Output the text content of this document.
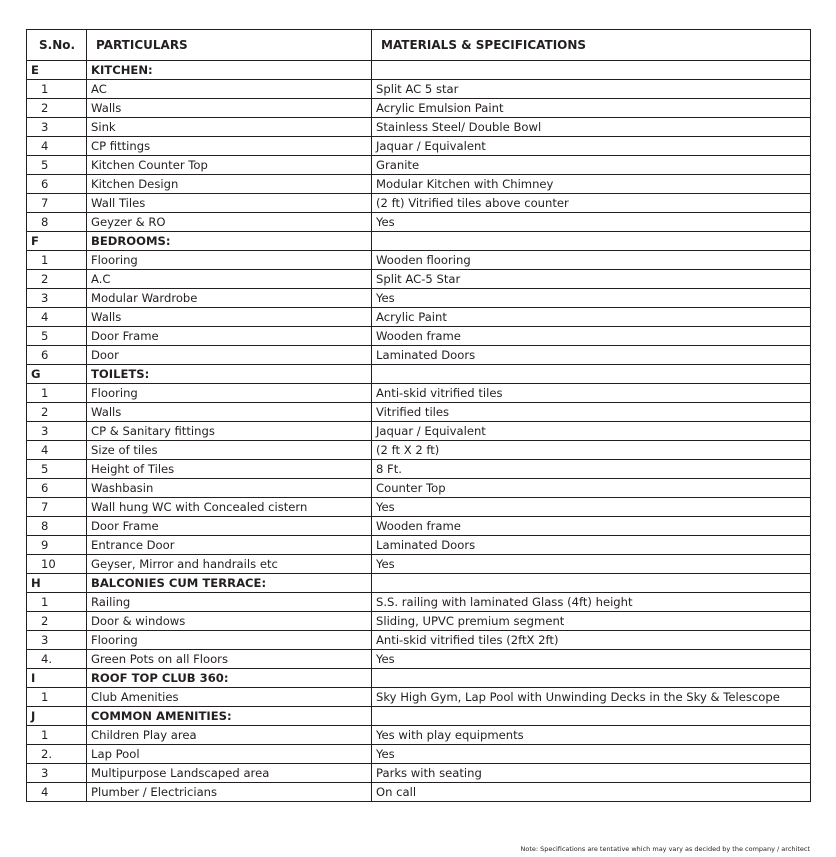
S.No.	PARTICULARS	MATERIALS & SPECIFICATIONS
E	KITCHEN:	
1	AC	Split AC 5 star
2	Walls	Acrylic Emulsion Paint
3	Sink	Stainless Steel/ Double Bowl
4	CP fittings	Jaquar / Equivalent
5	Kitchen Counter Top	Granite
6	Kitchen Design	Modular Kitchen with Chimney
7	Wall Tiles	(2 ft) Vitrified tiles above counter
8	Geyzer & RO	Yes
F	BEDROOMS:	
1	Flooring	Wooden flooring
2	A.C	Split AC-5 Star
3	Modular Wardrobe	Yes
4	Walls	Acrylic Paint
5	Door Frame	Wooden frame
6	Door	Laminated Doors
G	TOILETS:	
1	Flooring	Anti-skid vitrified tiles
2	Walls	Vitrified tiles
3	CP & Sanitary fittings	Jaquar / Equivalent
4	Size of tiles	(2 ft X 2 ft)
5	Height of Tiles	8 Ft.
6	Washbasin	Counter Top
7	Wall hung WC with Concealed cistern	Yes
8	Door Frame	Wooden frame
9	Entrance Door	Laminated Doors
10	Geyser, Mirror and handrails etc	Yes
H	BALCONIES CUM TERRACE:	
1	Railing	S.S. railing with laminated Glass (4ft) height
2	Door & windows	Sliding, UPVC premium segment
3	Flooring	Anti-skid vitrified tiles (2ftX 2ft)
4.	Green Pots on all Floors	Yes
I	ROOF TOP CLUB 360:	
1	Club Amenities	Sky High Gym, Lap Pool with Unwinding Decks in the Sky & Telescope
J	COMMON AMENITIES:	
1	Children Play area	Yes with play equipments
2.	Lap Pool	Yes
3	Multipurpose Landscaped area	Parks with seating
4	Plumber / Electricians	On call
Note: Specifications are tentative which may vary as decided by the company / architect
